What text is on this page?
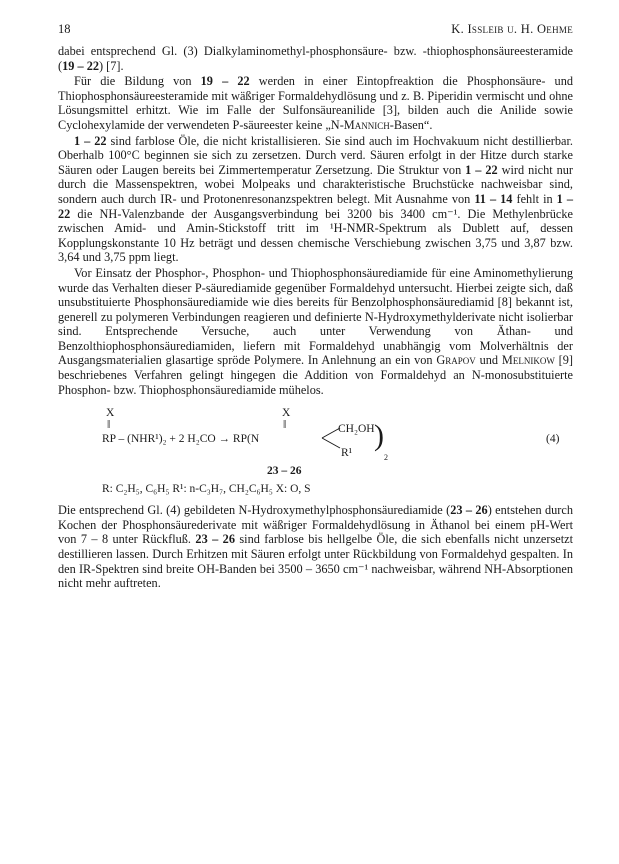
18	K. Issleib u. H. Oehme

dabei entsprechend Gl. (3) Dialkylaminomethyl-phosphonsäure- bzw. -thiophosphonsäureesteramide (19 – 22) [7].

Für die Bildung von 19 – 22 werden in einer Eintopfreaktion die Phosphonsäure- und Thiophosphonsäureesteramide mit wäßriger Formaldehydlösung und z. B. Piperidin vermischt und ohne Lösungsmittel erhitzt. Wie im Falle der Sulfonsäureanilide [3], bilden auch die Anilide sowie Cyclohexylamide der verwendeten P-säureester keine „N-Mannich-Basen“.

1 – 22 sind farblose Öle, die nicht kristallisieren. Sie sind auch im Hochvakuum nicht destillierbar. Oberhalb 100°C beginnen sie sich zu zersetzen. Durch verd. Säuren erfolgt in der Hitze durch starke Säuren oder Laugen bereits bei Zimmertemperatur Zersetzung. Die Struktur von 1 – 22 wird nicht nur durch die Massenspektren, wobei Molpeaks und charakteristische Bruchstücke nachweisbar sind, sondern auch durch IR- und Protonenresonanzspektren belegt. Mit Ausnahme von 11 – 14 fehlt in 1 – 22 die NH-Valenzbande der Ausgangsverbindung bei 3200 bis 3400 cm⁻¹. Die Methylenbrücke zwischen Amid- und Amin-Stickstoff tritt im ¹H-NMR-Spektrum als Dublett auf, dessen Kopplungskonstante 10 Hz beträgt und dessen chemische Verschiebung zwischen 3,75 und 3,87 bzw. 3,64 und 3,75 ppm liegt.

Vor Einsatz der Phosphor-, Phosphon- und Thiophosphonsäurediamide für eine Aminomethylierung wurde das Verhalten dieser P-säurediamide gegenüber Formaldehyd untersucht. Hierbei zeigte sich, daß unsubstituierte Phosphonsäurediamide wie dies bereits für Benzolphosphonsäurediamid [8] bekannt ist, generell zu polymeren Verbindungen reagieren und definierte N-Hydroxymethylderivate nicht isolierbar sind. Entsprechende Versuche, auch unter Verwendung von Äthan- und Benzolthiophosphonsäurediamiden, liefern mit Formaldehyd unabhängig vom Molverhältnis der Ausgangsmaterialien glasartige spröde Polymere. In Anlehnung an ein von Grapov und Melnikow [9] beschriebenes Verfahren gelingt hingegen die Addition von Formaldehyd an N-monosubstituierte Phosphon- bzw. Thiophosphonsäurediamide mühelos.

X
‖
RP – (NHR¹)₂ + 2 H₂CO → RP(N
X
‖	CH₂OH
R¹
)
2
(4)
23 – 26
R: C₂H₅, C₆H₅ R¹: n-C₃H₇, CH₂C₆H₅ X: O, S

Die entsprechend Gl. (4) gebildeten N-Hydroxymethylphosphonsäurediamide (23 – 26) entstehen durch Kochen der Phosphonsäurederivate mit wäßriger Formaldehydlösung in Äthanol bei einem pH-Wert von 7 – 8 unter Rückfluß. 23 – 26 sind farblose bis hellgelbe Öle, die sich ebenfalls nicht unzersetzt destillieren lassen. Durch Erhitzen mit Säuren erfolgt unter Rückbildung von Formaldehyd gespalten. In den IR-Spektren sind breite OH-Banden bei 3500 – 3650 cm⁻¹ nachweisbar, während NH-Absorptionen nicht mehr auftreten.
